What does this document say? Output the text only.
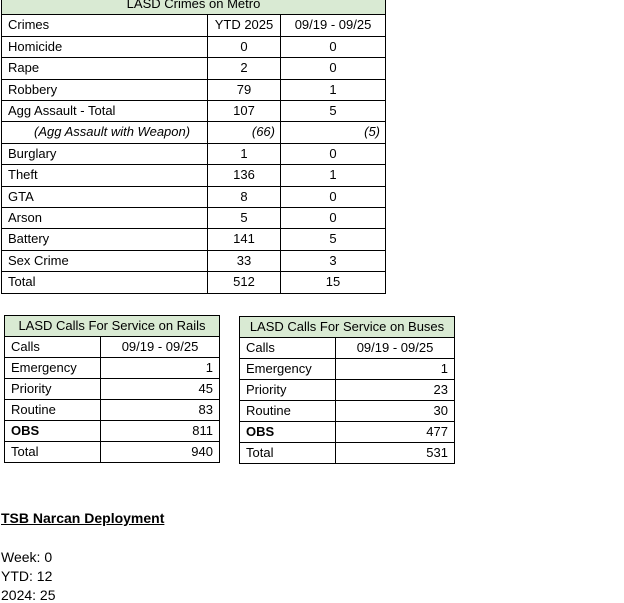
LASD Crimes on Metro		
Crimes	YTD 2025	09/19 - 09/25
Homicide	0	0
Rape	2	0
Robbery	79	1
Agg Assault - Total	107	5
(Agg Assault with Weapon)	(66)	(5)
Burglary	1	0
Theft	136	1
GTA	8	0
Arson	5	0
Battery	141	5
Sex Crime	33	3
Total	512	15
LASD Calls For Service on Rails	
Calls	09/19 - 09/25
Emergency	1
Priority	45
Routine	83
OBS	811
Total	940
LASD Calls For Service on Buses	
Calls	09/19 - 09/25
Emergency	1
Priority	23
Routine	30
OBS	477
Total	531
TSB Narcan Deployment
Week: 0
YTD: 12
2024: 25
